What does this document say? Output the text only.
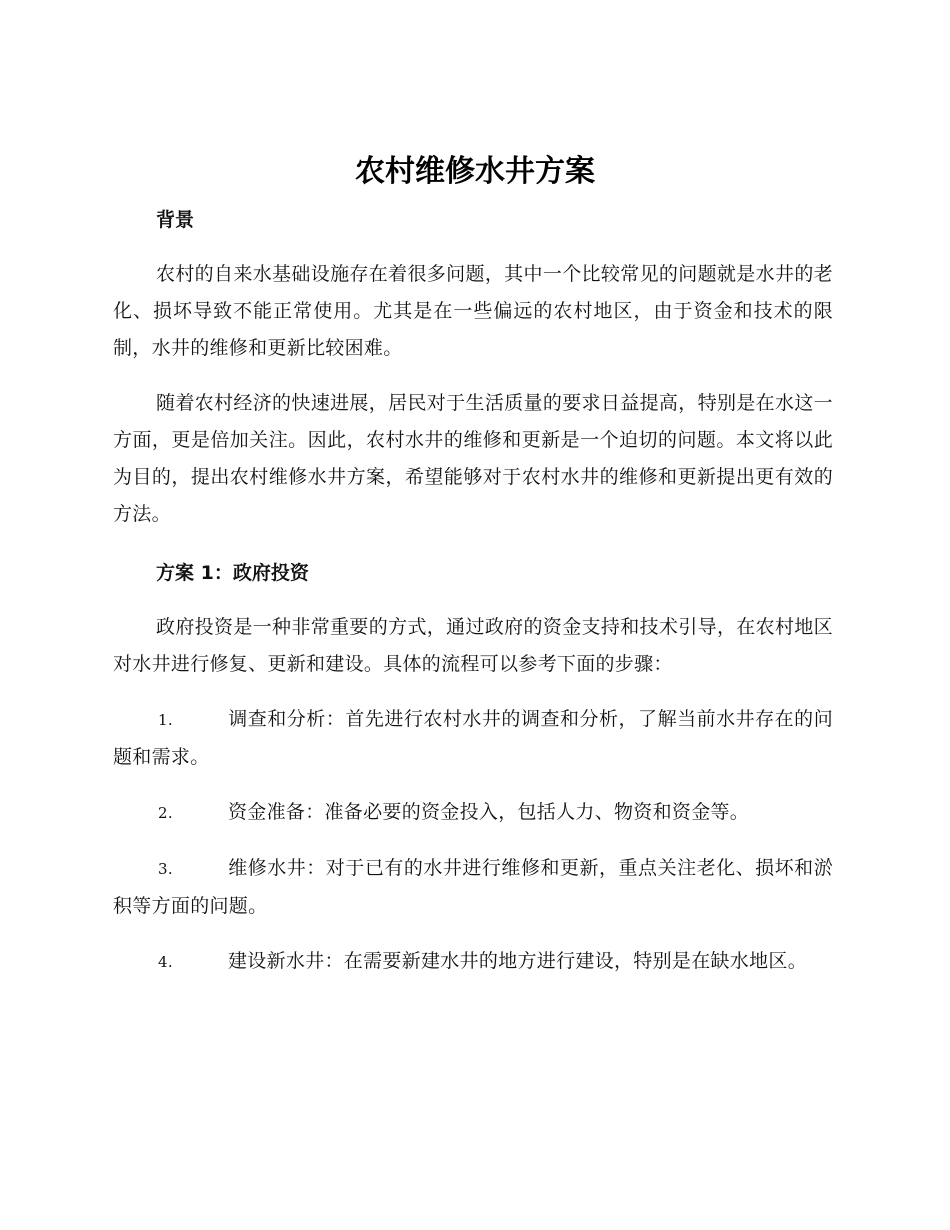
农村维修水井方案
背景

农村的自来水基础设施存在着很多问题，其中一个比较常见的问题就是水井的老化、损坏导致不能正常使用。尤其是在一些偏远的农村地区，由于资金和技术的限制，水井的维修和更新比较困难。

随着农村经济的快速进展，居民对于生活质量的要求日益提高，特别是在水这一方面，更是倍加关注。因此，农村水井的维修和更新是一个迫切的问题。本文将以此为目的，提出农村维修水井方案，希望能够对于农村水井的维修和更新提出更有效的方法。

方案 1：政府投资

政府投资是一种非常重要的方式，通过政府的资金支持和技术引导，在农村地区对水井进行修复、更新和建设。具体的流程可以参考下面的步骤：

1.	调查和分析：首先进行农村水井的调查和分析，了解当前水井存在的问题和需求。

2.	资金准备：准备必要的资金投入，包括人力、物资和资金等。

3.	维修水井：对于已有的水井进行维修和更新，重点关注老化、损坏和淤积等方面的问题。

4.	建设新水井：在需要新建水井的地方进行建设，特别是在缺水地区。
